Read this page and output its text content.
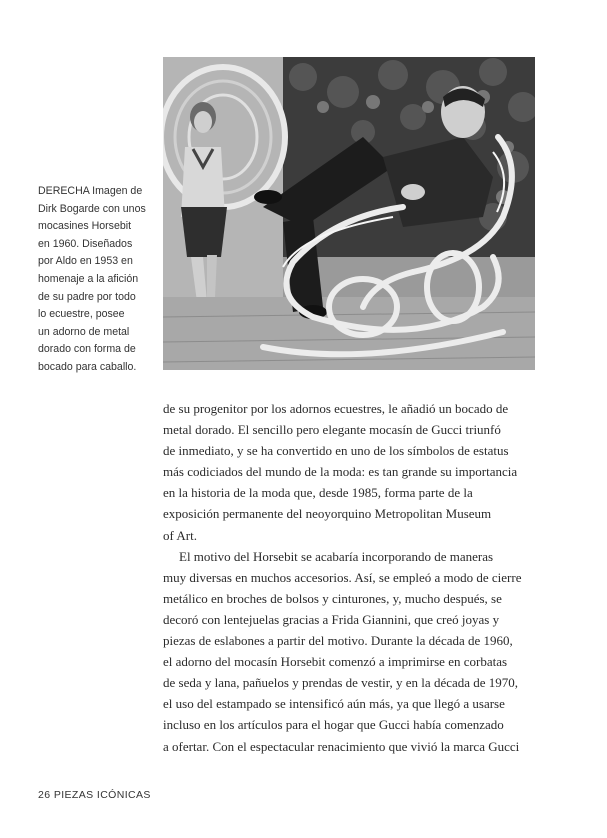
DERECHA Imagen de
Dirk Bogarde con unos
mocasines Horsebit
en 1960. Diseñados
por Aldo en 1953 en
homenaje a la afición
de su padre por todo
lo ecuestre, posee
un adorno de metal
dorado con forma de
bocado para caballo.
de su progenitor por los adornos ecuestres, le añadió un bocado de
metal dorado. El sencillo pero elegante mocasín de Gucci triunfó
de inmediato, y se ha convertido en uno de los símbolos de estatus
más codiciados del mundo de la moda: es tan grande su importancia
en la historia de la moda que, desde 1985, forma parte de la
exposición permanente del neoyorquino Metropolitan Museum
of Art.
El motivo del Horsebit se acabaría incorporando de maneras
muy diversas en muchos accesorios. Así, se empleó a modo de cierre
metálico en broches de bolsos y cinturones, y, mucho después, se
decoró con lentejuelas gracias a Frida Giannini, que creó joyas y
piezas de eslabones a partir del motivo. Durante la década de 1960,
el adorno del mocasín Horsebit comenzó a imprimirse en corbatas
de seda y lana, pañuelos y prendas de vestir, y en la década de 1970,
el uso del estampado se intensificó aún más, ya que llegó a usarse
incluso en los artículos para el hogar que Gucci había comenzado
a ofertar. Con el espectacular renacimiento que vivió la marca Gucci
26 PIEZAS ICÓNICAS
